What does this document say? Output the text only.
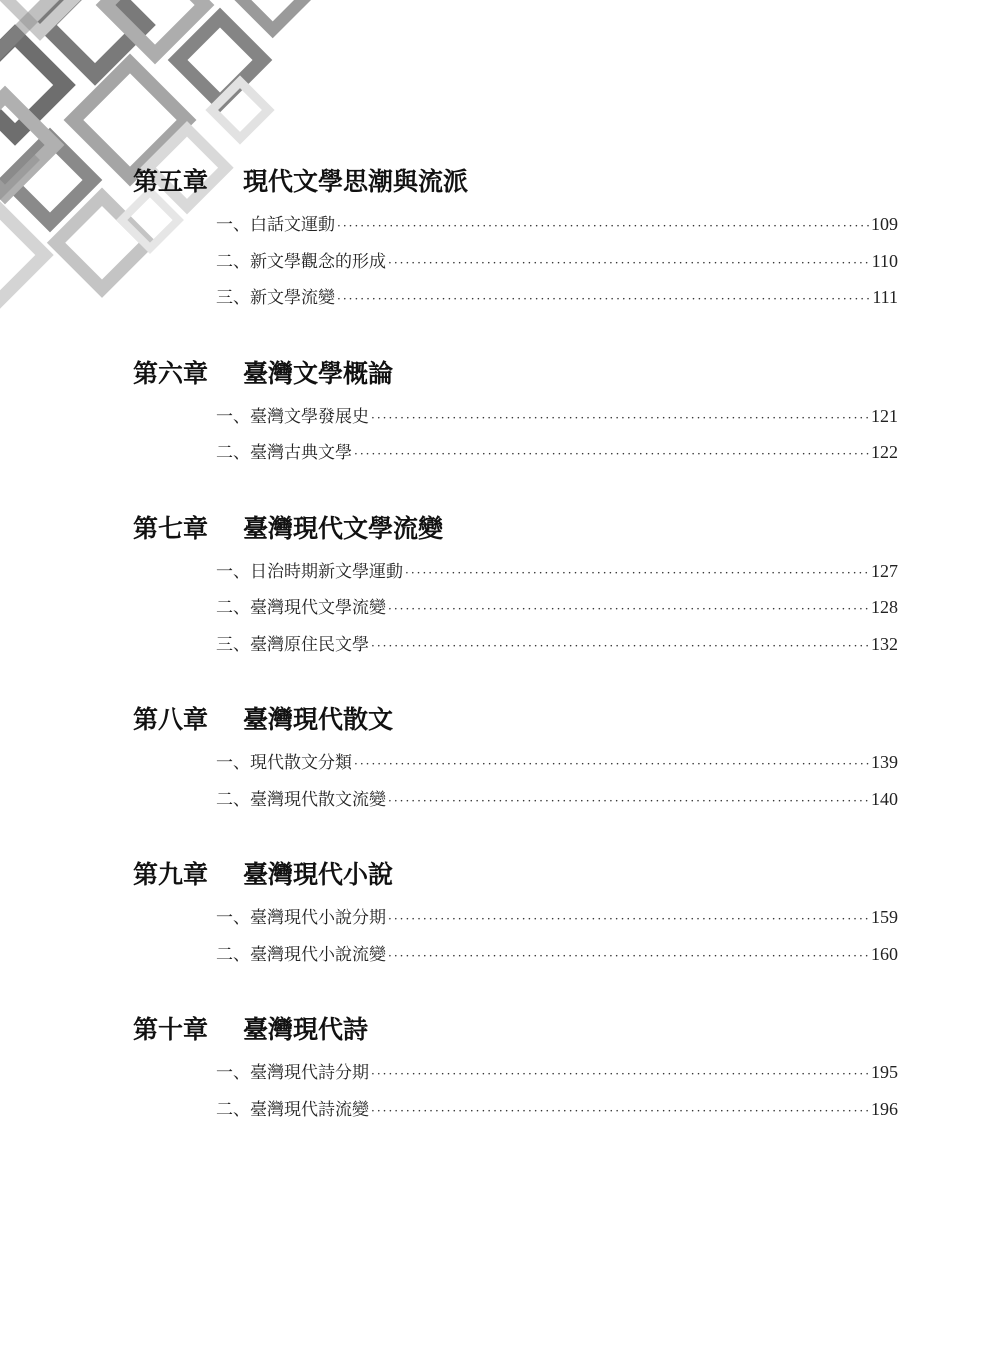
第五章	現代文學思潮與流派
一、白話文運動 ·····	109
二、新文學觀念的形成 ·····	110
三、新文學流變 ·····	111
第六章	臺灣文學概論
一、臺灣文學發展史 ·····	121
二、臺灣古典文學 ·····	122
第七章	臺灣現代文學流變
一、日治時期新文學運動 ·····	127
二、臺灣現代文學流變 ·····	128
三、臺灣原住民文學 ·····	132
第八章	臺灣現代散文
一、現代散文分類 ·····	139
二、臺灣現代散文流變 ·····	140
第九章	臺灣現代小說
一、臺灣現代小說分期 ·····	159
二、臺灣現代小說流變 ·····	160
第十章	臺灣現代詩
一、臺灣現代詩分期 ·····	195
二、臺灣現代詩流變 ·····	196
